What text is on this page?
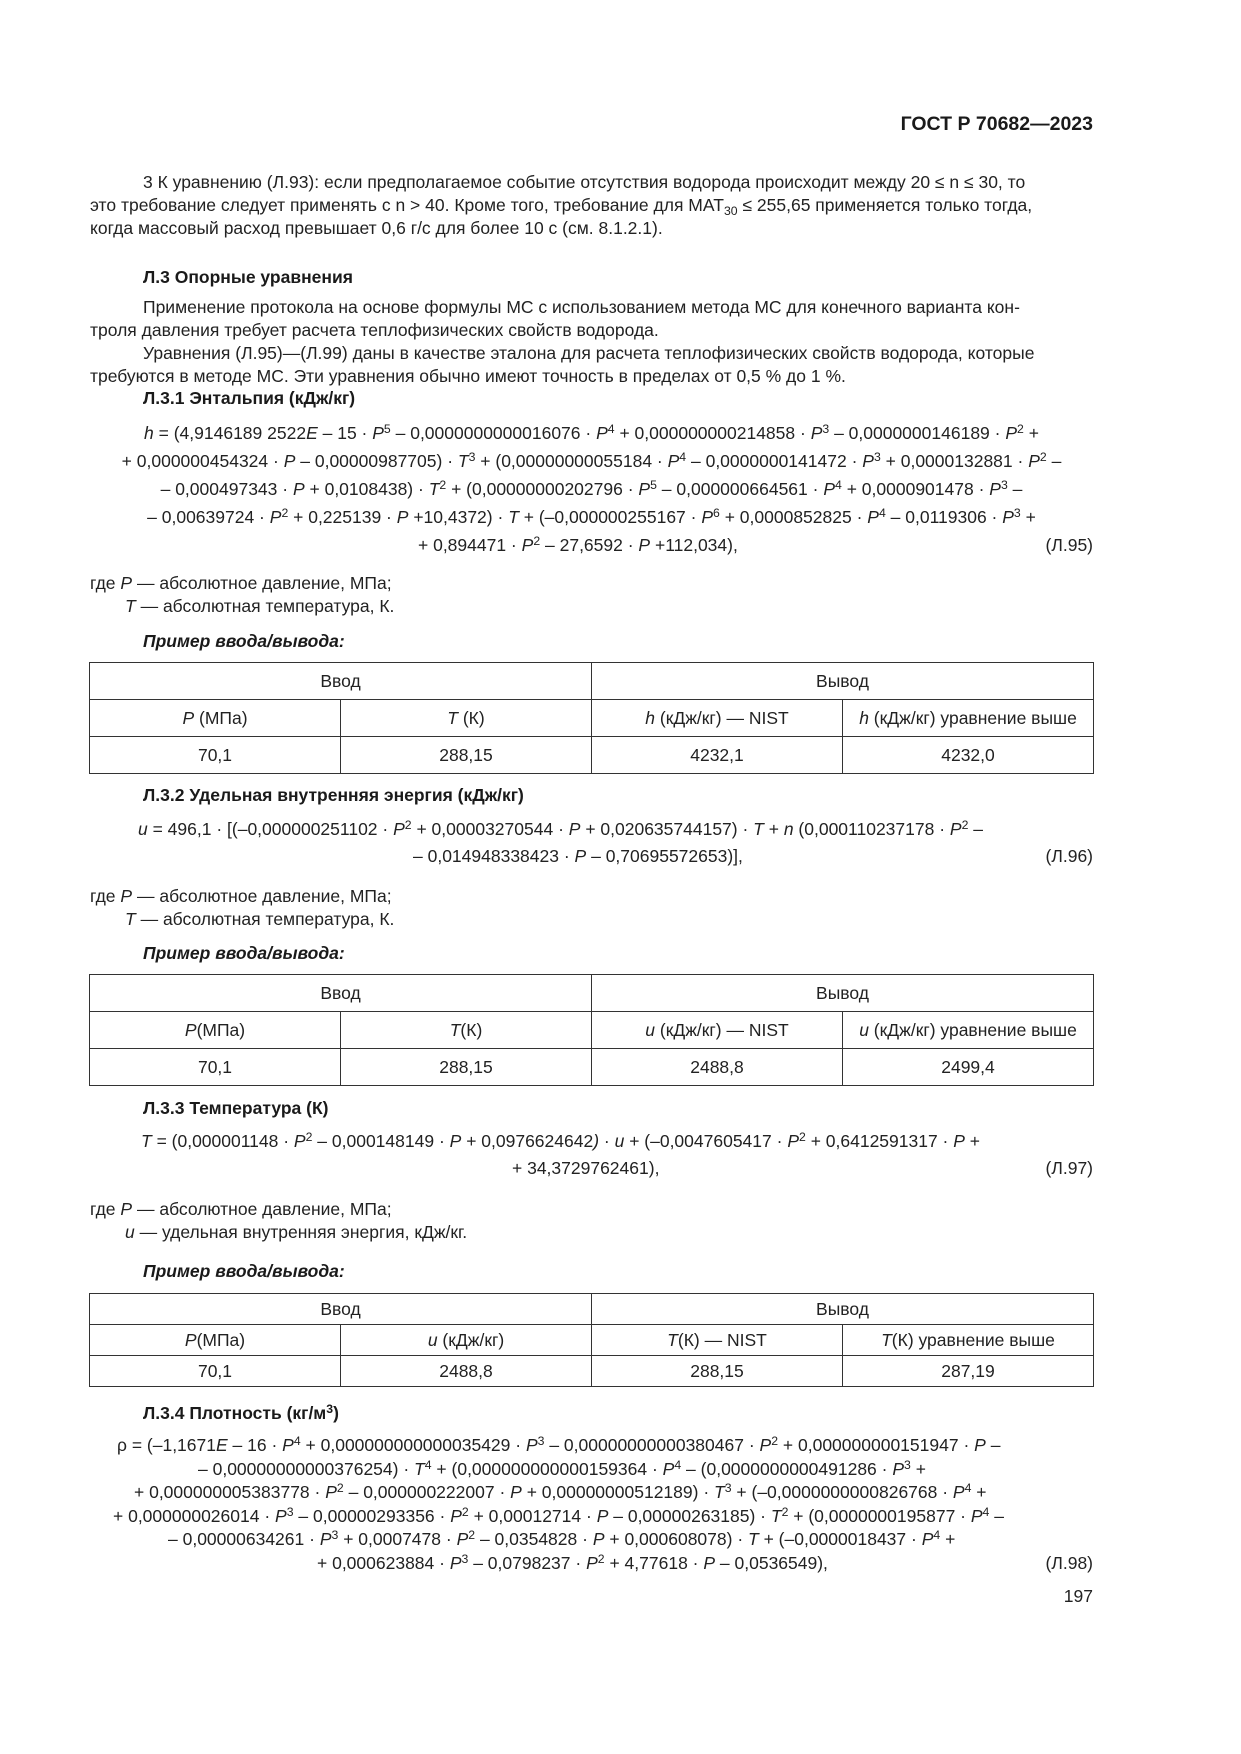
ГОСТ Р 70682—2023

3 К уравнению (Л.93): если предполагаемое событие отсутствия водорода происходит между 20 ≤ n ≤ 30, то

это требование следует применять с n > 40. Кроме того, требование для $MAT_{30} \le 255,65$ применяется только тогда,

когда массовый расход превышает 0,6 г/с для более 10 с (см. 8.1.2.1).

Л.3 Опорные уравнения

Применение протокола на основе формулы МС с использованием метода МС для конечного варианта кон-

троля давления требует расчета теплофизических свойств водорода.

Уравнения (Л.95)—(Л.99) даны в качестве эталона для расчета теплофизических свойств водорода, которые

требуются в методе МС. Эти уравнения обычно имеют точность в пределах от 0,5 % до 1 %.

Л.3.1 Энтальпия (кДж/кг)
h = (4,9146189 $2522E - 15 \cdot P^5 - 0,0000000000016076 \cdot P^4 + 0,000000000214858 \cdot P^3 - 0,0000000146189 \cdot P^2$ +
+ $0,000000454324 \cdot P - 0,00000987705) \cdot T^3 + (0,00000000055184 \cdot P^4 - 0,0000000141472 \cdot P^3 + 0,0000132881 \cdot P^2$ –
– $0,000497343 \cdot P + 0,0108438) \cdot T^2 + (0,00000000202796 \cdot P^5 - 0,000000664561 \cdot P^4 + 0,0000901478 \cdot P^3$ –
– $0,00639724 \cdot P^2 + 0,225139 \cdot P +10,4372) \cdot T + (-0,000000255167 \cdot P^6 + 0,0000852825 \cdot P^4 - 0,0119306 \cdot P^3$ +
+ $0,894471 \cdot P^2 - 27,6592 \cdot P +112,034$),	(Л.95)
где
P
— абсолютное давление, МПа;
T
— абсолютная температура, К.
Пример ввода/вывода:
Ввод		Вывод	
P (МПа)	T (К)	h (кДж/кг) — NIST	h (кДж/кг) уравнение выше
70,1	288,15	4232,1	4232,0
Л.3.2 Удельная внутренняя энергия (кДж/кг)
$u = 496,1 \cdot [(-0,000000251102 \cdot P^2 + 0,00003270544 \cdot P + 0,020635744157) \cdot T + n$ ($0,000110237178 \cdot P^2$ –
– 0,014948338423 · P – 0,70695572653)],	(Л.96)
где
P
— абсолютное давление, МПа;
T
— абсолютная температура, К.
Пример ввода/вывода:
Ввод		Вывод	
P(МПа)	T(К)	u (кДж/кг) — NIST	u (кДж/кг) уравнение выше
70,1	288,15	2488,8	2499,4
Л.3.3 Температура (К)
$T = (0,000001148 \cdot P^2 - 0,000148149 \cdot P + 0,0976624642) \cdot u + (-0,0047605417 \cdot P^2 + 0,6412591317 \cdot P$ +
+ 34,3729762461),	(Л.97)
где
P
— абсолютное давление, МПа;
u
— удельная внутренняя энергия, кДж/кг.
Пример ввода/вывода:
Ввод		Вывод	
P(МПа)	u (кДж/кг)	T(К) — NIST	T(К) уравнение выше
70,1	2488,8	288,15	287,19
Л.3.4 Плотность $(кг/м^3)$
$\rho = (-1,1671E - 16 \cdot P^4 + 0,000000000000035429 \cdot P^3 - 0,00000000000380467 \cdot P^2 + 0,000000000151947 \cdot P$ –
– $0,00000000000376254) \cdot T^4 + (0,000000000000159364 \cdot P^4 - (0,0000000000491286 \cdot P^3$ +
+ $0,000000005383778 \cdot P^2 - 0,000000222007 \cdot P + 0,00000000512189) \cdot T^3 + (-0,0000000000826768 \cdot P^4$ +
+ $0,000000026014 \cdot P^3 - 0,00000293356 \cdot P^2 + 0,00012714 \cdot P - 0,00000263185) \cdot T^2 + (0,0000000195877 \cdot P^4$ –
– $0,00000634261 \cdot P^3 + 0,0007478 \cdot P^2 - 0,0354828 \cdot P + 0,000608078) \cdot T + (-0,0000018437 \cdot P^4$ +
+ $0,000623884 \cdot P^3 - 0,0798237 \cdot P^2 + 4,77618 \cdot P - 0,0536549$),	(Л.98)
197
